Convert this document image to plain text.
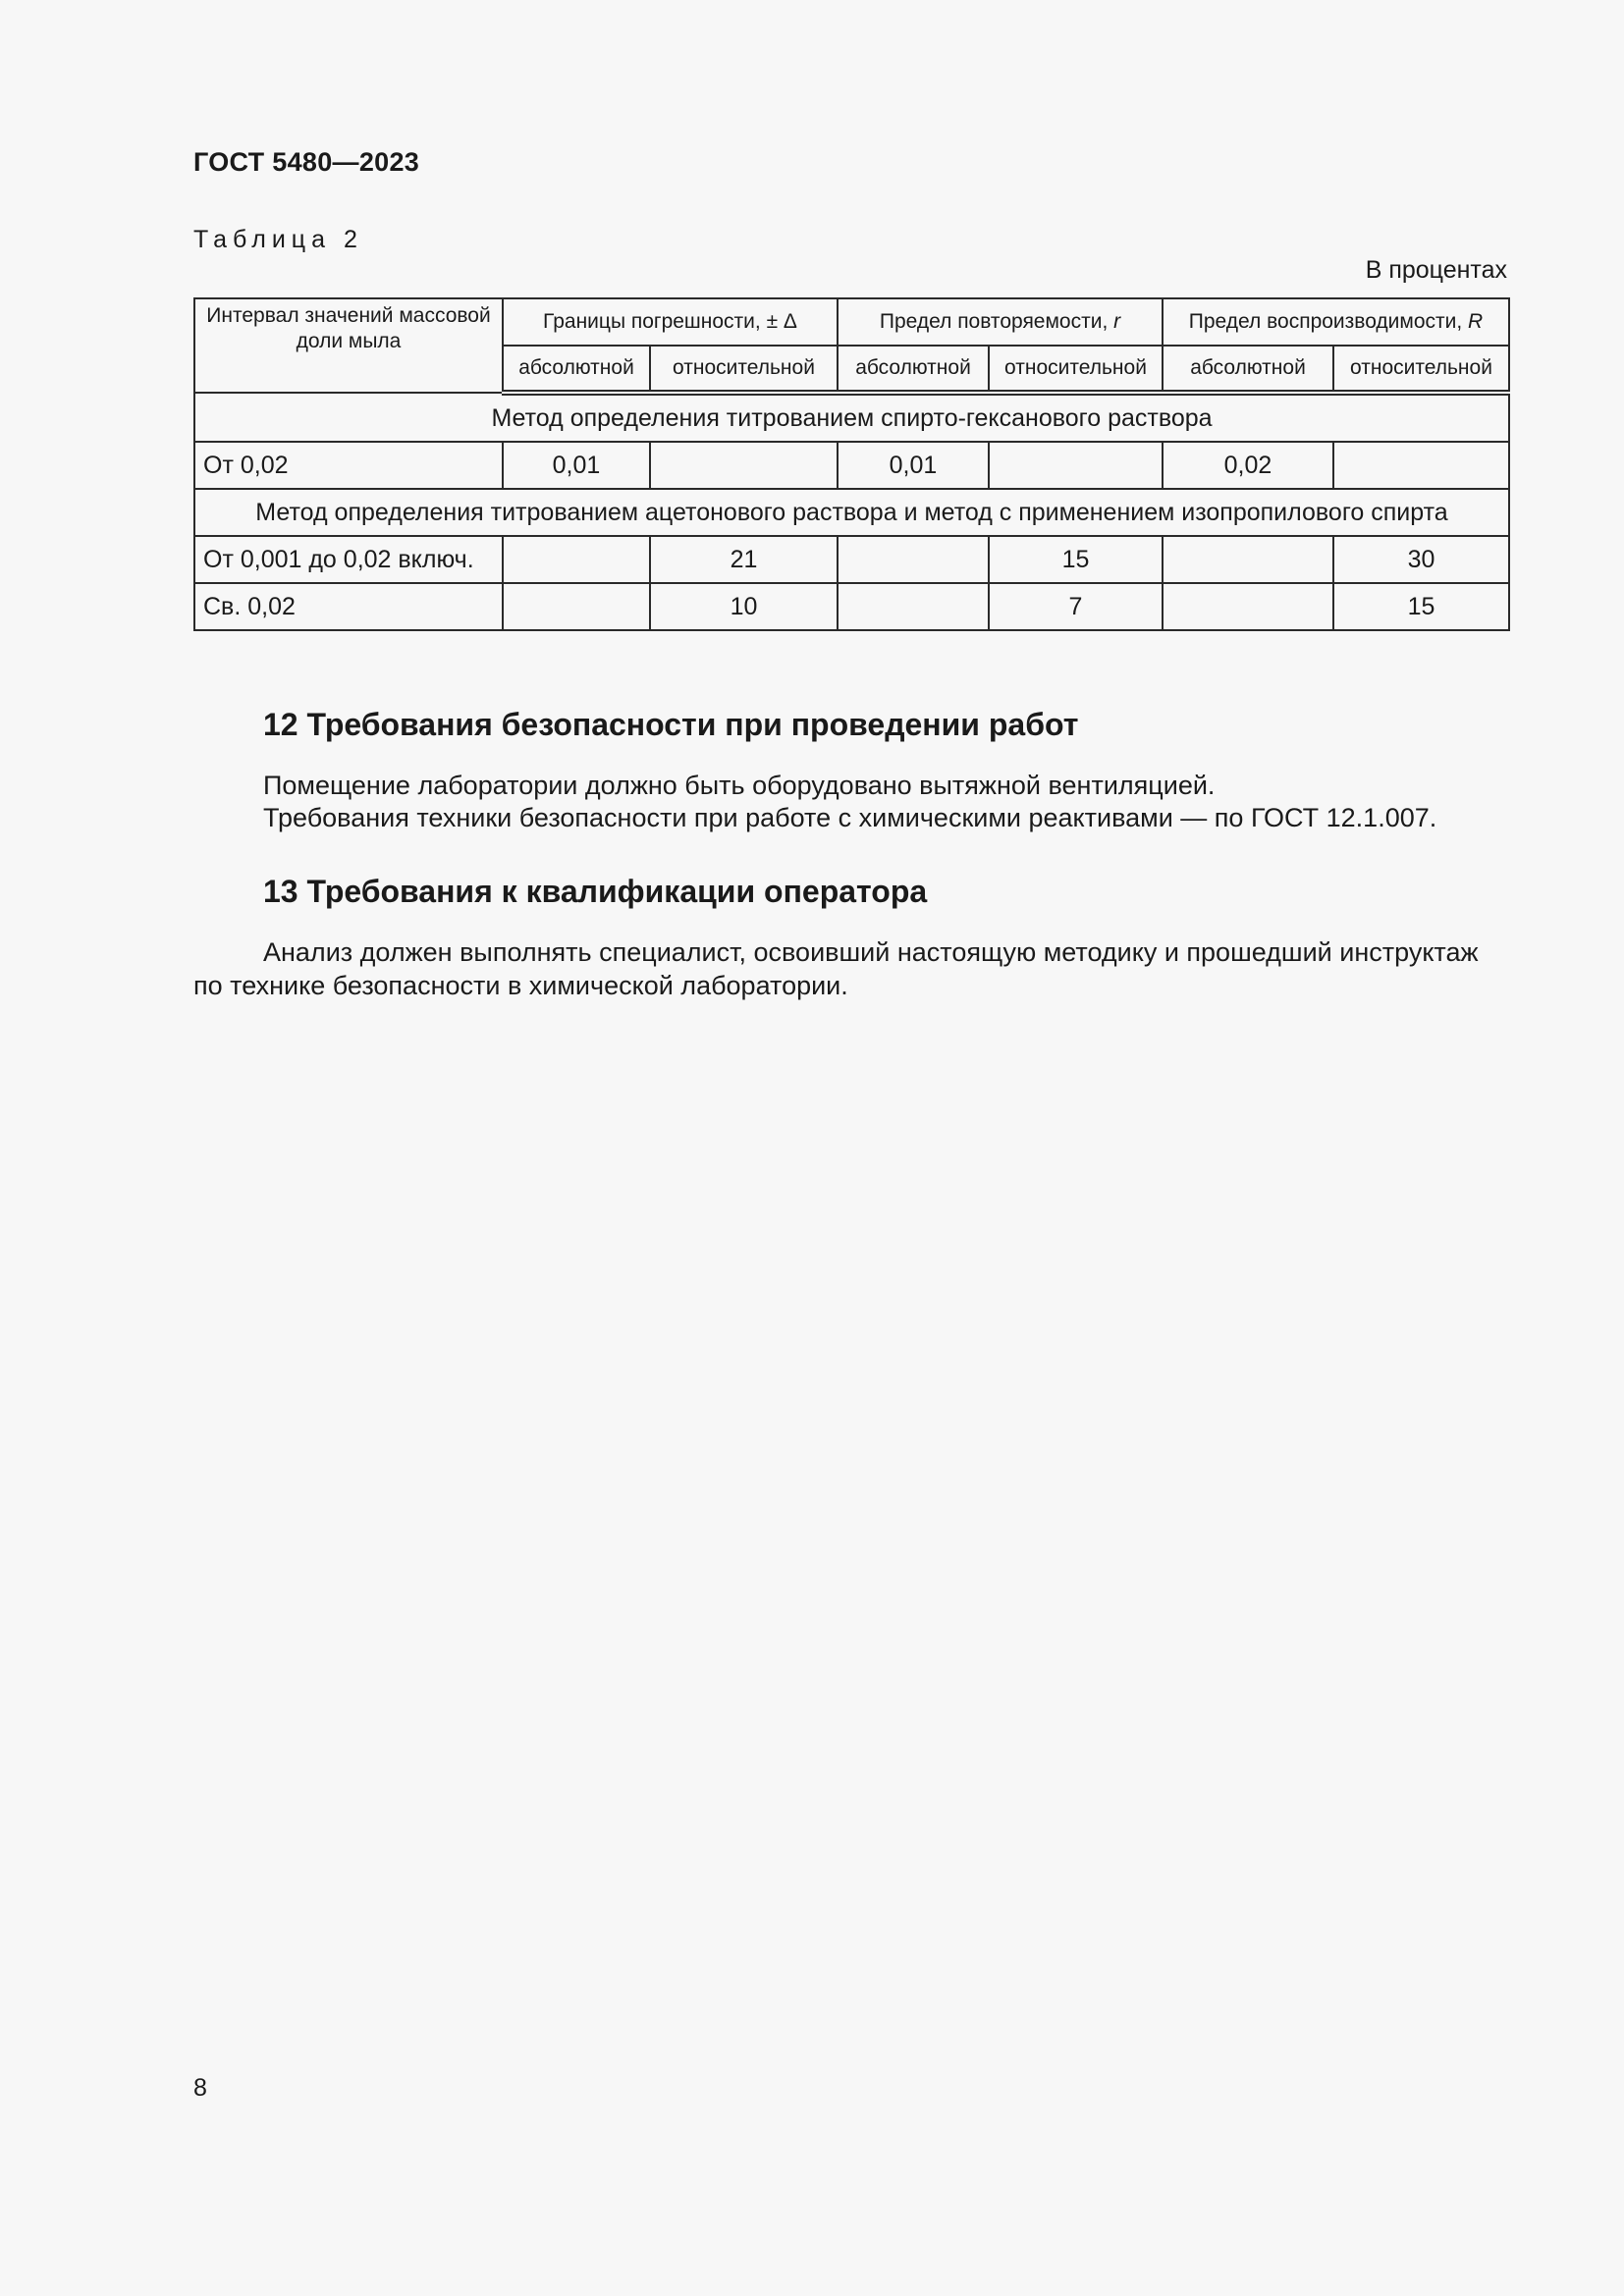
ГОСТ 5480—2023
Таблица 2
В процентах
Интервал значений массовой доли мыла	Границы погрешности, ± Δ		Предел повторяемости, r		Предел воспроизводимости, R	
	абсолютной	относительной	абсолютной	относительной	абсолютной	относительной
Метод определения титрованием спирто-гексанового раствора						
От 0,02	0,01		0,01		0,02	
Метод определения титрованием ацетонового раствора и метод с применением изопропилового спирта						
От 0,001 до 0,02 включ.		21		15		30
Св. 0,02		10		7		15
12 Требования безопасности при проведении работ
Помещение лаборатории должно быть оборудовано вытяжной вентиляцией.
Требования техники безопасности при работе с химическими реактивами — по ГОСТ 12.1.007.
13 Требования к квалификации оператора
Анализ должен выполнять специалист, освоивший настоящую методику и прошедший инструктаж
по технике безопасности в химической лаборатории.
8
